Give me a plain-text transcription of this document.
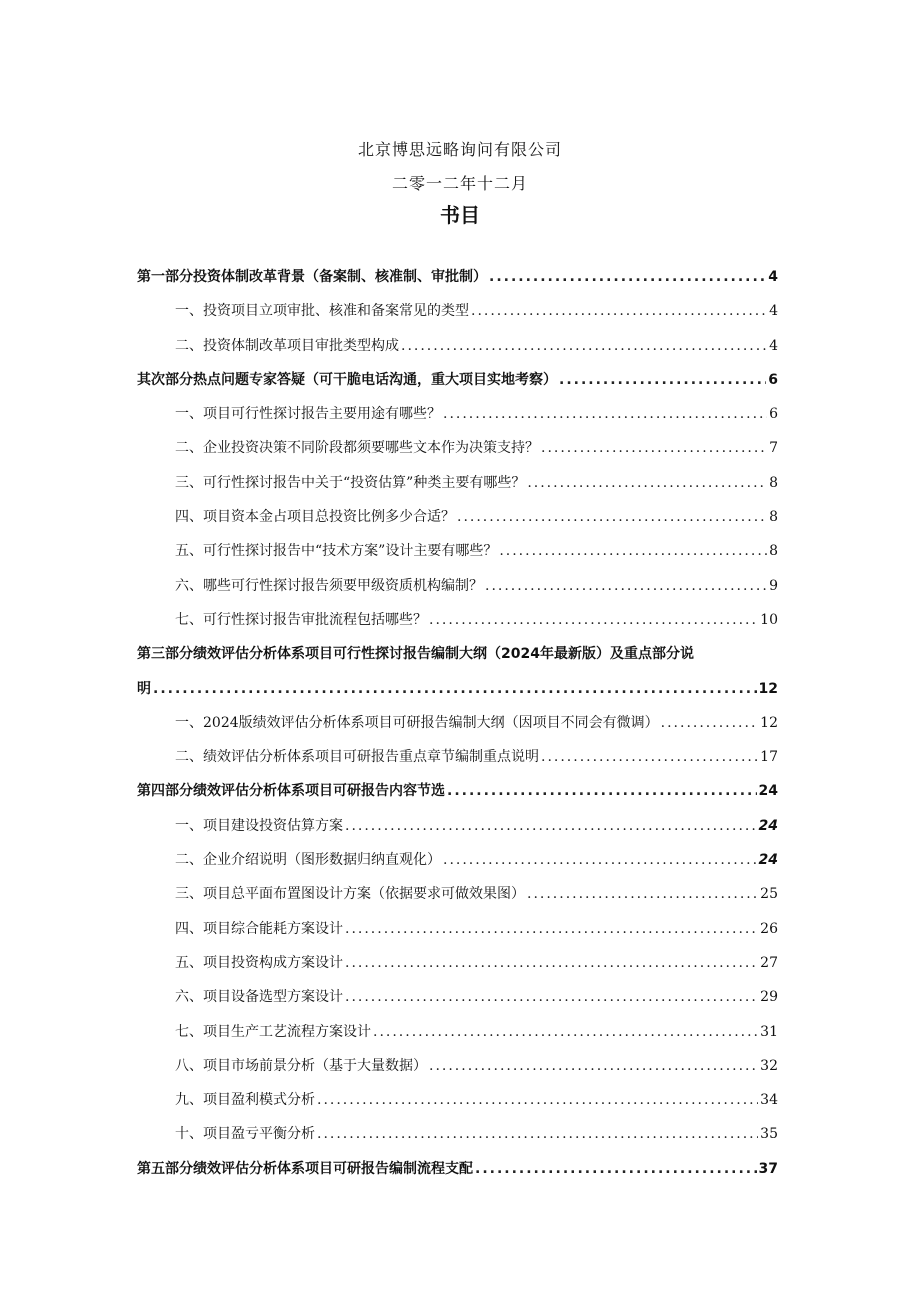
北京博思远略询问有限公司
二零一二年十二月
书目
第一部分投资体制改革背景（备案制、核准制、审批制） .....	4
一、投资项目立项审批、核准和备案常见的类型 .....	4
二、投资体制改革项目审批类型构成 .....	4
其次部分热点问题专家答疑（可干脆电话沟通，重大项目实地考察） .....	6
一、项目可行性探讨报告主要用途有哪些？ .....	6
二、企业投资决策不同阶段都须要哪些文本作为决策支持？ .....	7
三、可行性探讨报告中关于“投资估算”种类主要有哪些？ .....	8
四、项目资本金占项目总投资比例多少合适？ .....	8
五、可行性探讨报告中“技术方案”设计主要有哪些？ .....	8
六、哪些可行性探讨报告须要甲级资质机构编制？ .....	9
七、可行性探讨报告审批流程包括哪些？ .....	10
第三部分绩效评估分析体系项目可行性探讨报告编制大纲（2024年最新版）及重点部分说
明 .....	12
一、2024版绩效评估分析体系项目可研报告编制大纲（因项目不同会有微调） .....	12
二、绩效评估分析体系项目可研报告重点章节编制重点说明 .....	17
第四部分绩效评估分析体系项目可研报告内容节选 .....	24
一、项目建设投资估算方案 .....	24
二、企业介绍说明（图形数据归纳直观化） .....	24
三、项目总平面布置图设计方案（依据要求可做效果图） .....	25
四、项目综合能耗方案设计 .....	26
五、项目投资构成方案设计 .....	27
六、项目设备选型方案设计 .....	29
七、项目生产工艺流程方案设计 .....	31
八、项目市场前景分析（基于大量数据） .....	32
九、项目盈利模式分析 .....	34
十、项目盈亏平衡分析 .....	35
第五部分绩效评估分析体系项目可研报告编制流程支配 .....	37
